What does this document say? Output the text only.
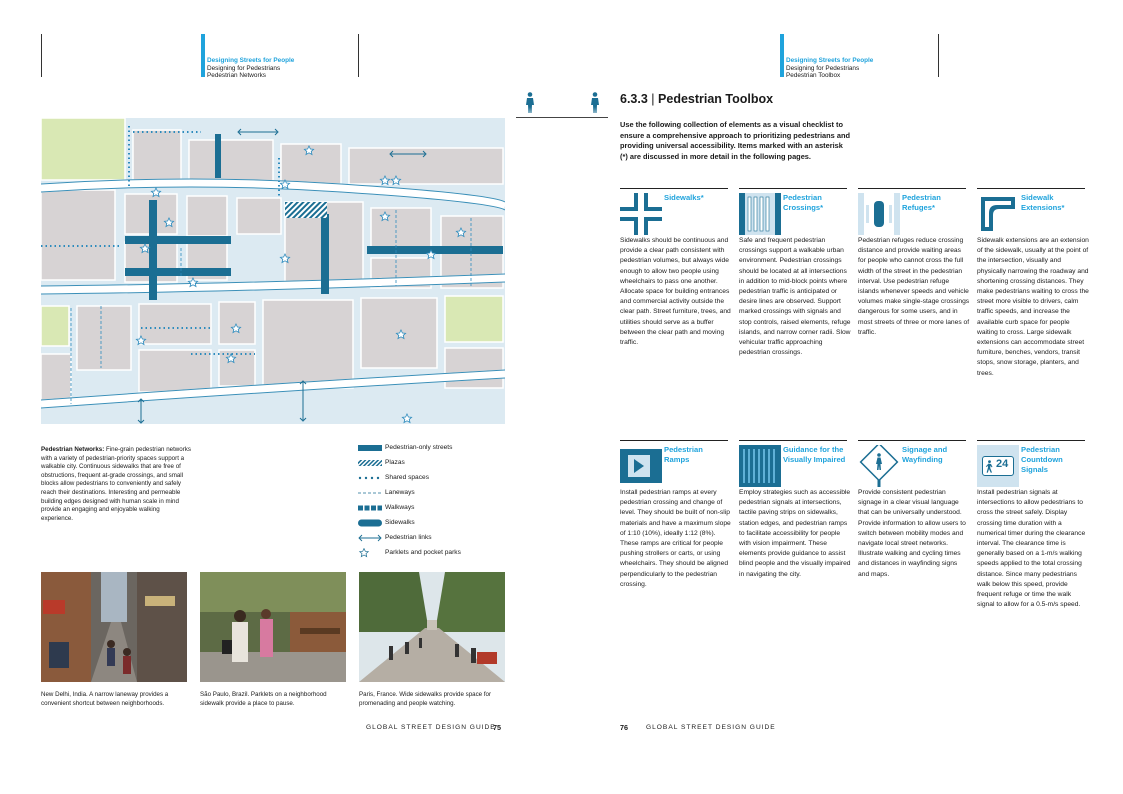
Designing Streets for People
Designing for Pedestrians
Pedestrian Networks
Designing Streets for People
Designing for Pedestrians
Pedestrian Toolbox
6.3.3 | Pedestrian Toolbox
Use the following collection of elements as a visual checklist to ensure a comprehensive approach to prioritizing pedestrians and providing universal accessibility. Items marked with an asterisk (*) are discussed in more detail in the following pages.
Pedestrian Networks: Fine-grain pedestrian networks with a variety of pedestrian-priority spaces support a walkable city. Continuous sidewalks that are free of obstructions, frequent at-grade crossings, and small blocks allow pedestrians to conveniently and safely reach their destinations. Interesting and permeable building edges designed with human scale in mind provide an engaging and enjoyable walking experience.
Pedestrian-only streets
Plazas
Shared spaces
Laneways
Walkways
Sidewalks
Pedestrian links
Parklets and pocket parks
New Delhi, India. A narrow laneway provides a convenient shortcut between neighborhoods.
São Paulo, Brazil. Parklets on a neighborhood sidewalk provide a place to pause.
Paris, France. Wide sidewalks provide space for promenading and people watching.
Sidewalks*
Sidewalks should be continuous and provide a clear path consistent with pedestrian volumes, but always wide enough to allow two people using wheelchairs to pass one another. Allocate space for building entrances and commercial activity outside the clear path. Street furniture, trees, and utilities should serve as a buffer between the clear path and moving traffic.
Pedestrian Crossings*
Safe and frequent pedestrian crossings support a walkable urban environment. Pedestrian crossings should be located at all intersections in addition to mid-block points where pedestrian traffic is anticipated or desire lines are observed. Support marked crossings with signals and stop controls, raised elements, refuge islands, and narrow corner radii. Slow vehicular traffic approaching pedestrian crossings.
Pedestrian Refuges*
Pedestrian refuges reduce crossing distance and provide waiting areas for people who cannot cross the full width of the street in the pedestrian interval. Use pedestrian refuge islands whenever speeds and vehicle volumes make single-stage crossings dangerous for some users, and in most streets of three or more lanes of traffic.
Sidewalk Extensions*
Sidewalk extensions are an extension of the sidewalk, usually at the point of the intersection, visually and physically narrowing the roadway and shortening crossing distances. They make pedestrians waiting to cross the street more visible to drivers, calm traffic speeds, and increase the available curb space for people waiting to cross. Large sidewalk extensions can accommodate street furniture, benches, vendors, transit stops, snow storage, planters, and trees.
Pedestrian Ramps
Install pedestrian ramps at every pedestrian crossing and change of level. They should be built of non-slip materials and have a maximum slope of 1:10 (10%), ideally 1:12 (8%). These ramps are critical for people pushing strollers or carts, or using wheelchairs. They should be aligned perpendicularly to the pedestrian crossing.
Guidance for the Visually Impaired
Employ strategies such as accessible pedestrian signals at intersections, tactile paving strips on sidewalks, station edges, and pedestrian ramps to facilitate accessibility for people with vision impairment. These elements provide guidance to assist blind people and the visually impaired in navigating the city.
Signage and Wayfinding
Provide consistent pedestrian signage in a clear visual language that can be universally understood. Provide information to allow users to switch between mobility modes and navigate local street networks. Illustrate walking and cycling times and distances in wayfinding signs and maps.
24
Pedestrian Countdown Signals
Install pedestrian signals at intersections to allow pedestrians to cross the street safely. Display crossing time duration with a numerical timer during the clearance interval. The clearance time is generally based on a 1-m/s walking speeds applied to the total crossing distance. Since many pedestrians walk below this speed, provide frequent refuge or time the walk signal to allow for a 0.5-m/s speed.
GLOBAL STREET DESIGN GUIDE
75	76	GLOBAL STREET DESIGN GUIDE
